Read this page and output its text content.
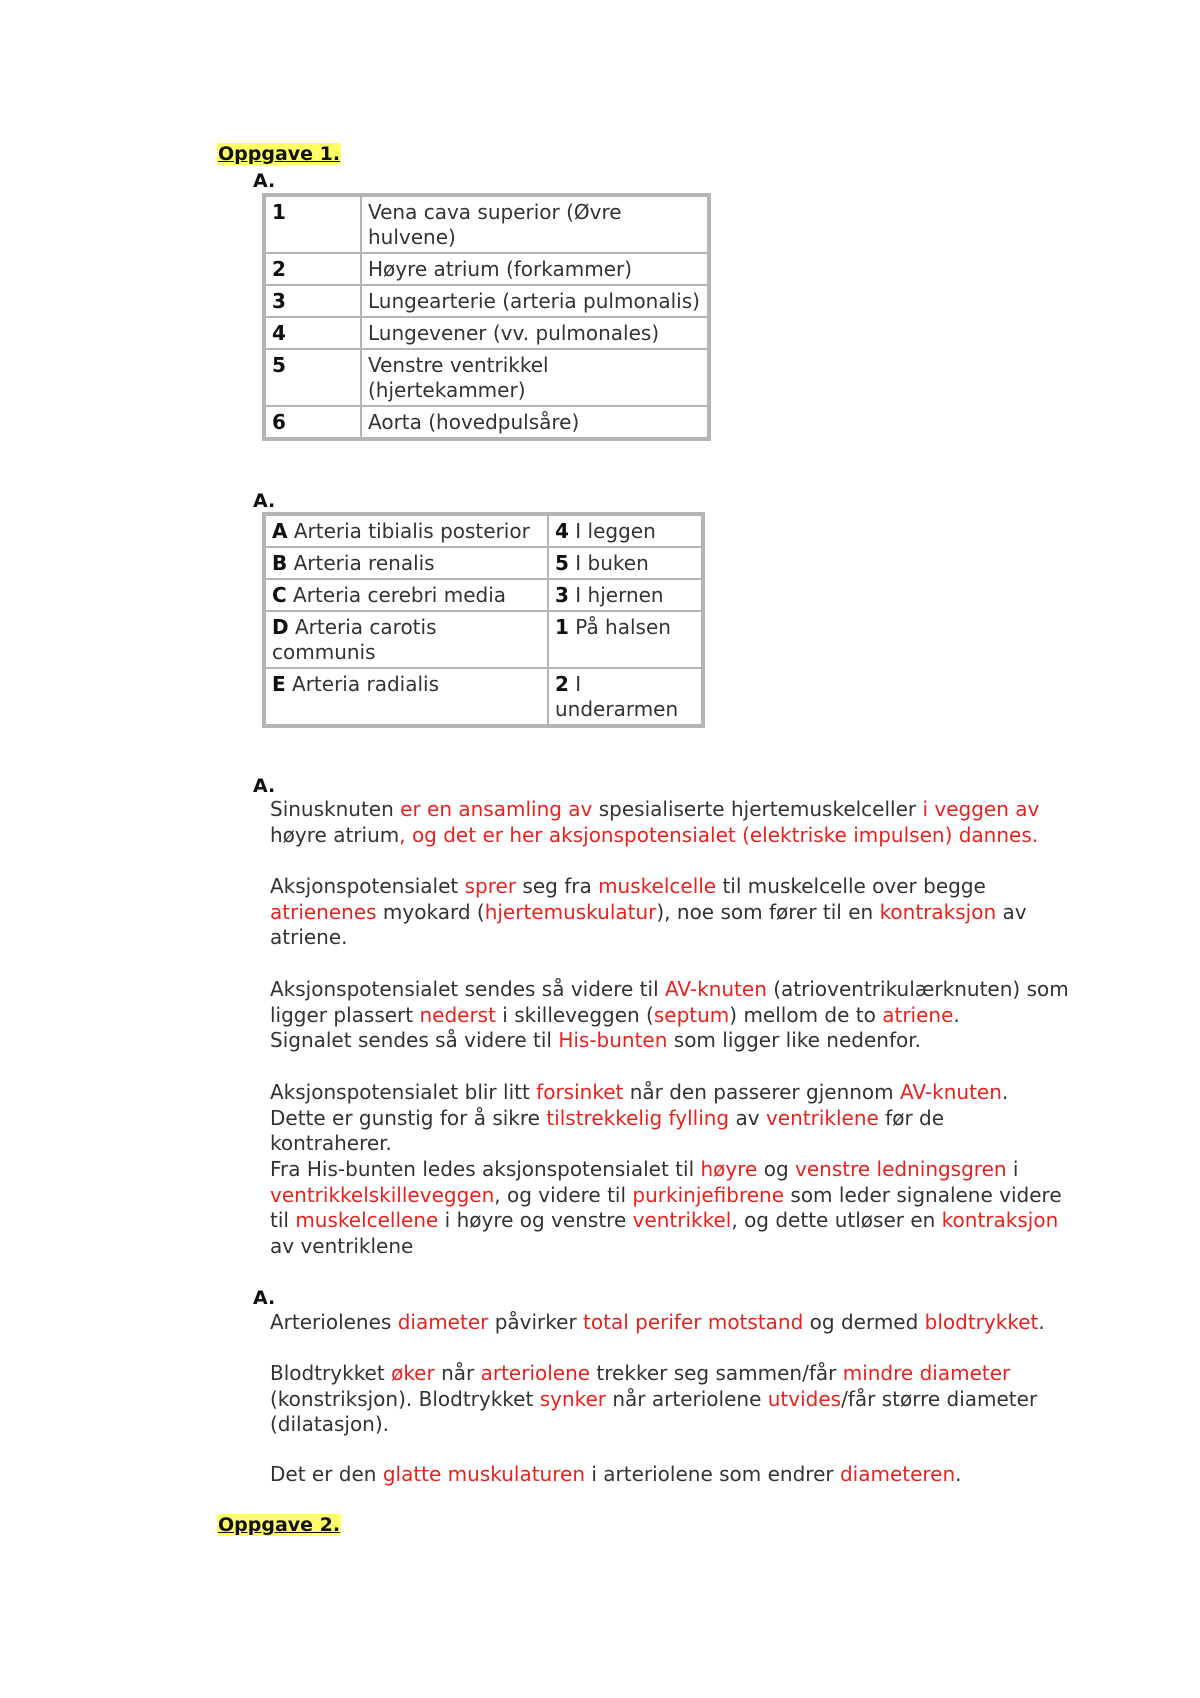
Oppgave 1.
A.
1	Vena cava superior (Øvre hulvene)
2	Høyre atrium (forkammer)
3	Lungearterie (arteria pulmonalis)
4	Lungevener (vv. pulmonales)
5	Venstre ventrikkel (hjertekammer)
6	Aorta (hovedpulsåre)
A.
A Arteria tibialis posterior	4 I leggen
B Arteria renalis	5 I buken
C Arteria cerebri media	3 I hjernen
D Arteria carotis communis	1 På halsen
E Arteria radialis	2 I underarmen
A.
Sinusknuten er en ansamling av spesialiserte hjertemuskelceller i veggen av høyre atrium, og det er her aksjonspotensialet (elektriske impulsen) dannes.
Aksjonspotensialet sprer seg fra muskelcelle til muskelcelle over begge atrienenes myokard (hjertemuskulatur), noe som fører til en kontraksjon av atriene.
Aksjonspotensialet sendes så videre til AV-knuten (atrioventrikulærknuten) som ligger plassert nederst i skilleveggen (septum) mellom de to atriene.
Signalet sendes så videre til His-bunten som ligger like nedenfor.
Aksjonspotensialet blir litt forsinket når den passerer gjennom AV-knuten. Dette er gunstig for å sikre tilstrekkelig fylling av ventriklene før de kontraherer.
Fra His-bunten ledes aksjonspotensialet til høyre og venstre ledningsgren i ventrikkelskilleveggen, og videre til purkinjefibrene som leder signalene videre til muskelcellene i høyre og venstre ventrikkel, og dette utløser en kontraksjon av ventriklene
A.
Arteriolenes diameter påvirker total perifer motstand og dermed blodtrykket.
Blodtrykket øker når arteriolene trekker seg sammen/får mindre diameter (konstriksjon). Blodtrykket synker når arteriolene utvides/får større diameter (dilatasjon).
Det er den glatte muskulaturen i arteriolene som endrer diameteren.
Oppgave 2.
